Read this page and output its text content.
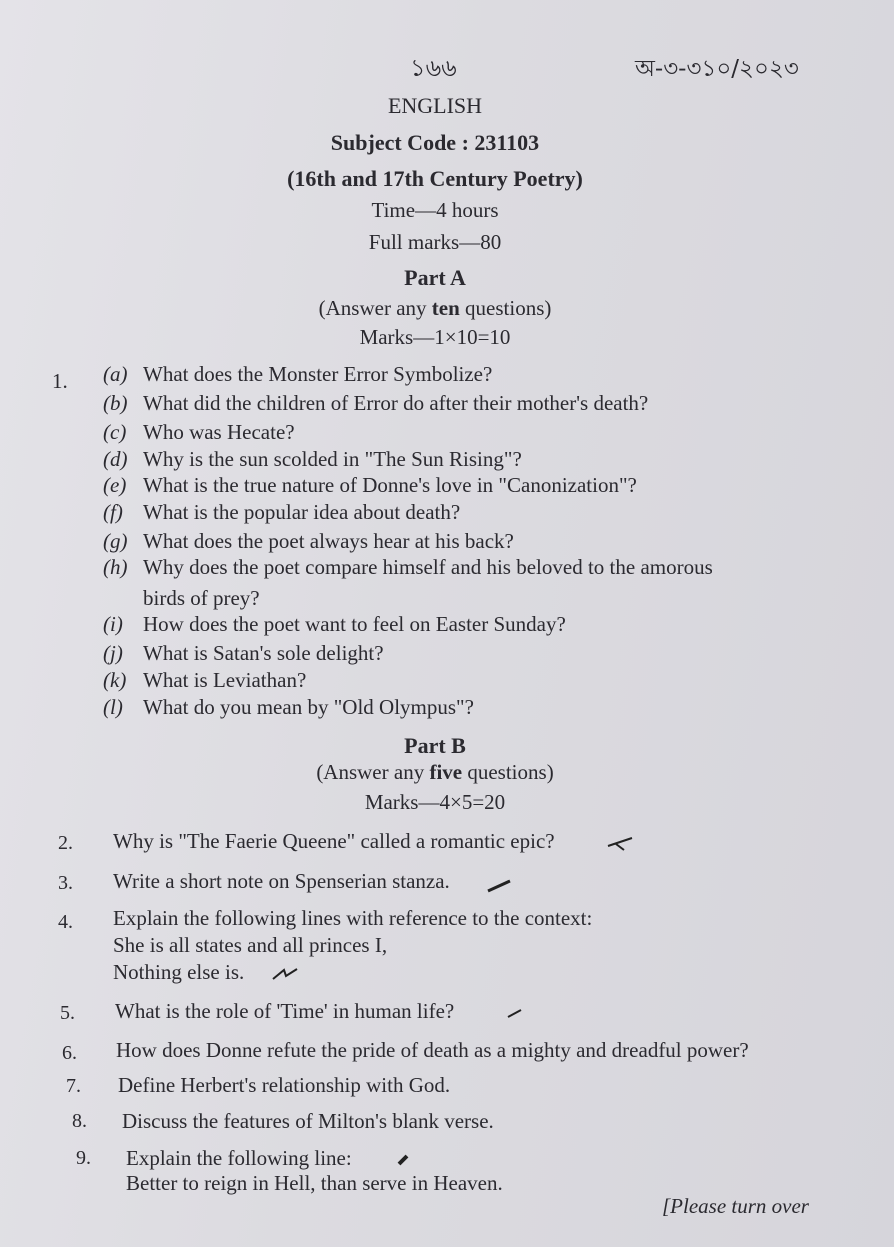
১৬৬	অ-৩-৩১০/২০২৩
ENGLISH
Subject Code : 231103
(16th and 17th Century Poetry)
Time—4 hours
Full marks—80
Part A
(Answer any ten questions)
Marks—1×10=10
1. (a) What does the Monster Error Symbolize?
(b) What did the children of Error do after their mother's death?
(c) Who was Hecate?
(d) Why is the sun scolded in "The Sun Rising"?
(e) What is the true nature of Donne's love in "Canonization"?
(f) What is the popular idea about death?
(g) What does the poet always hear at his back?
(h) Why does the poet compare himself and his beloved to the amorous
birds of prey?
(i) How does the poet want to feel on Easter Sunday?
(j) What is Satan's sole delight?
(k) What is Leviathan?
(l) What do you mean by "Old Olympus"?
Part B
(Answer any five questions)
Marks—4×5=20
2. Why is "The Faerie Queene" called a romantic epic?
3. Write a short note on Spenserian stanza.
4. Explain the following lines with reference to the context:
She is all states and all princes I,
Nothing else is.
5. What is the role of 'Time' in human life?
6. How does Donne refute the pride of death as a mighty and dreadful power?
7. Define Herbert's relationship with God.
8. Discuss the features of Milton's blank verse.
9. Explain the following line:
Better to reign in Hell, than serve in Heaven.
[Please turn over
